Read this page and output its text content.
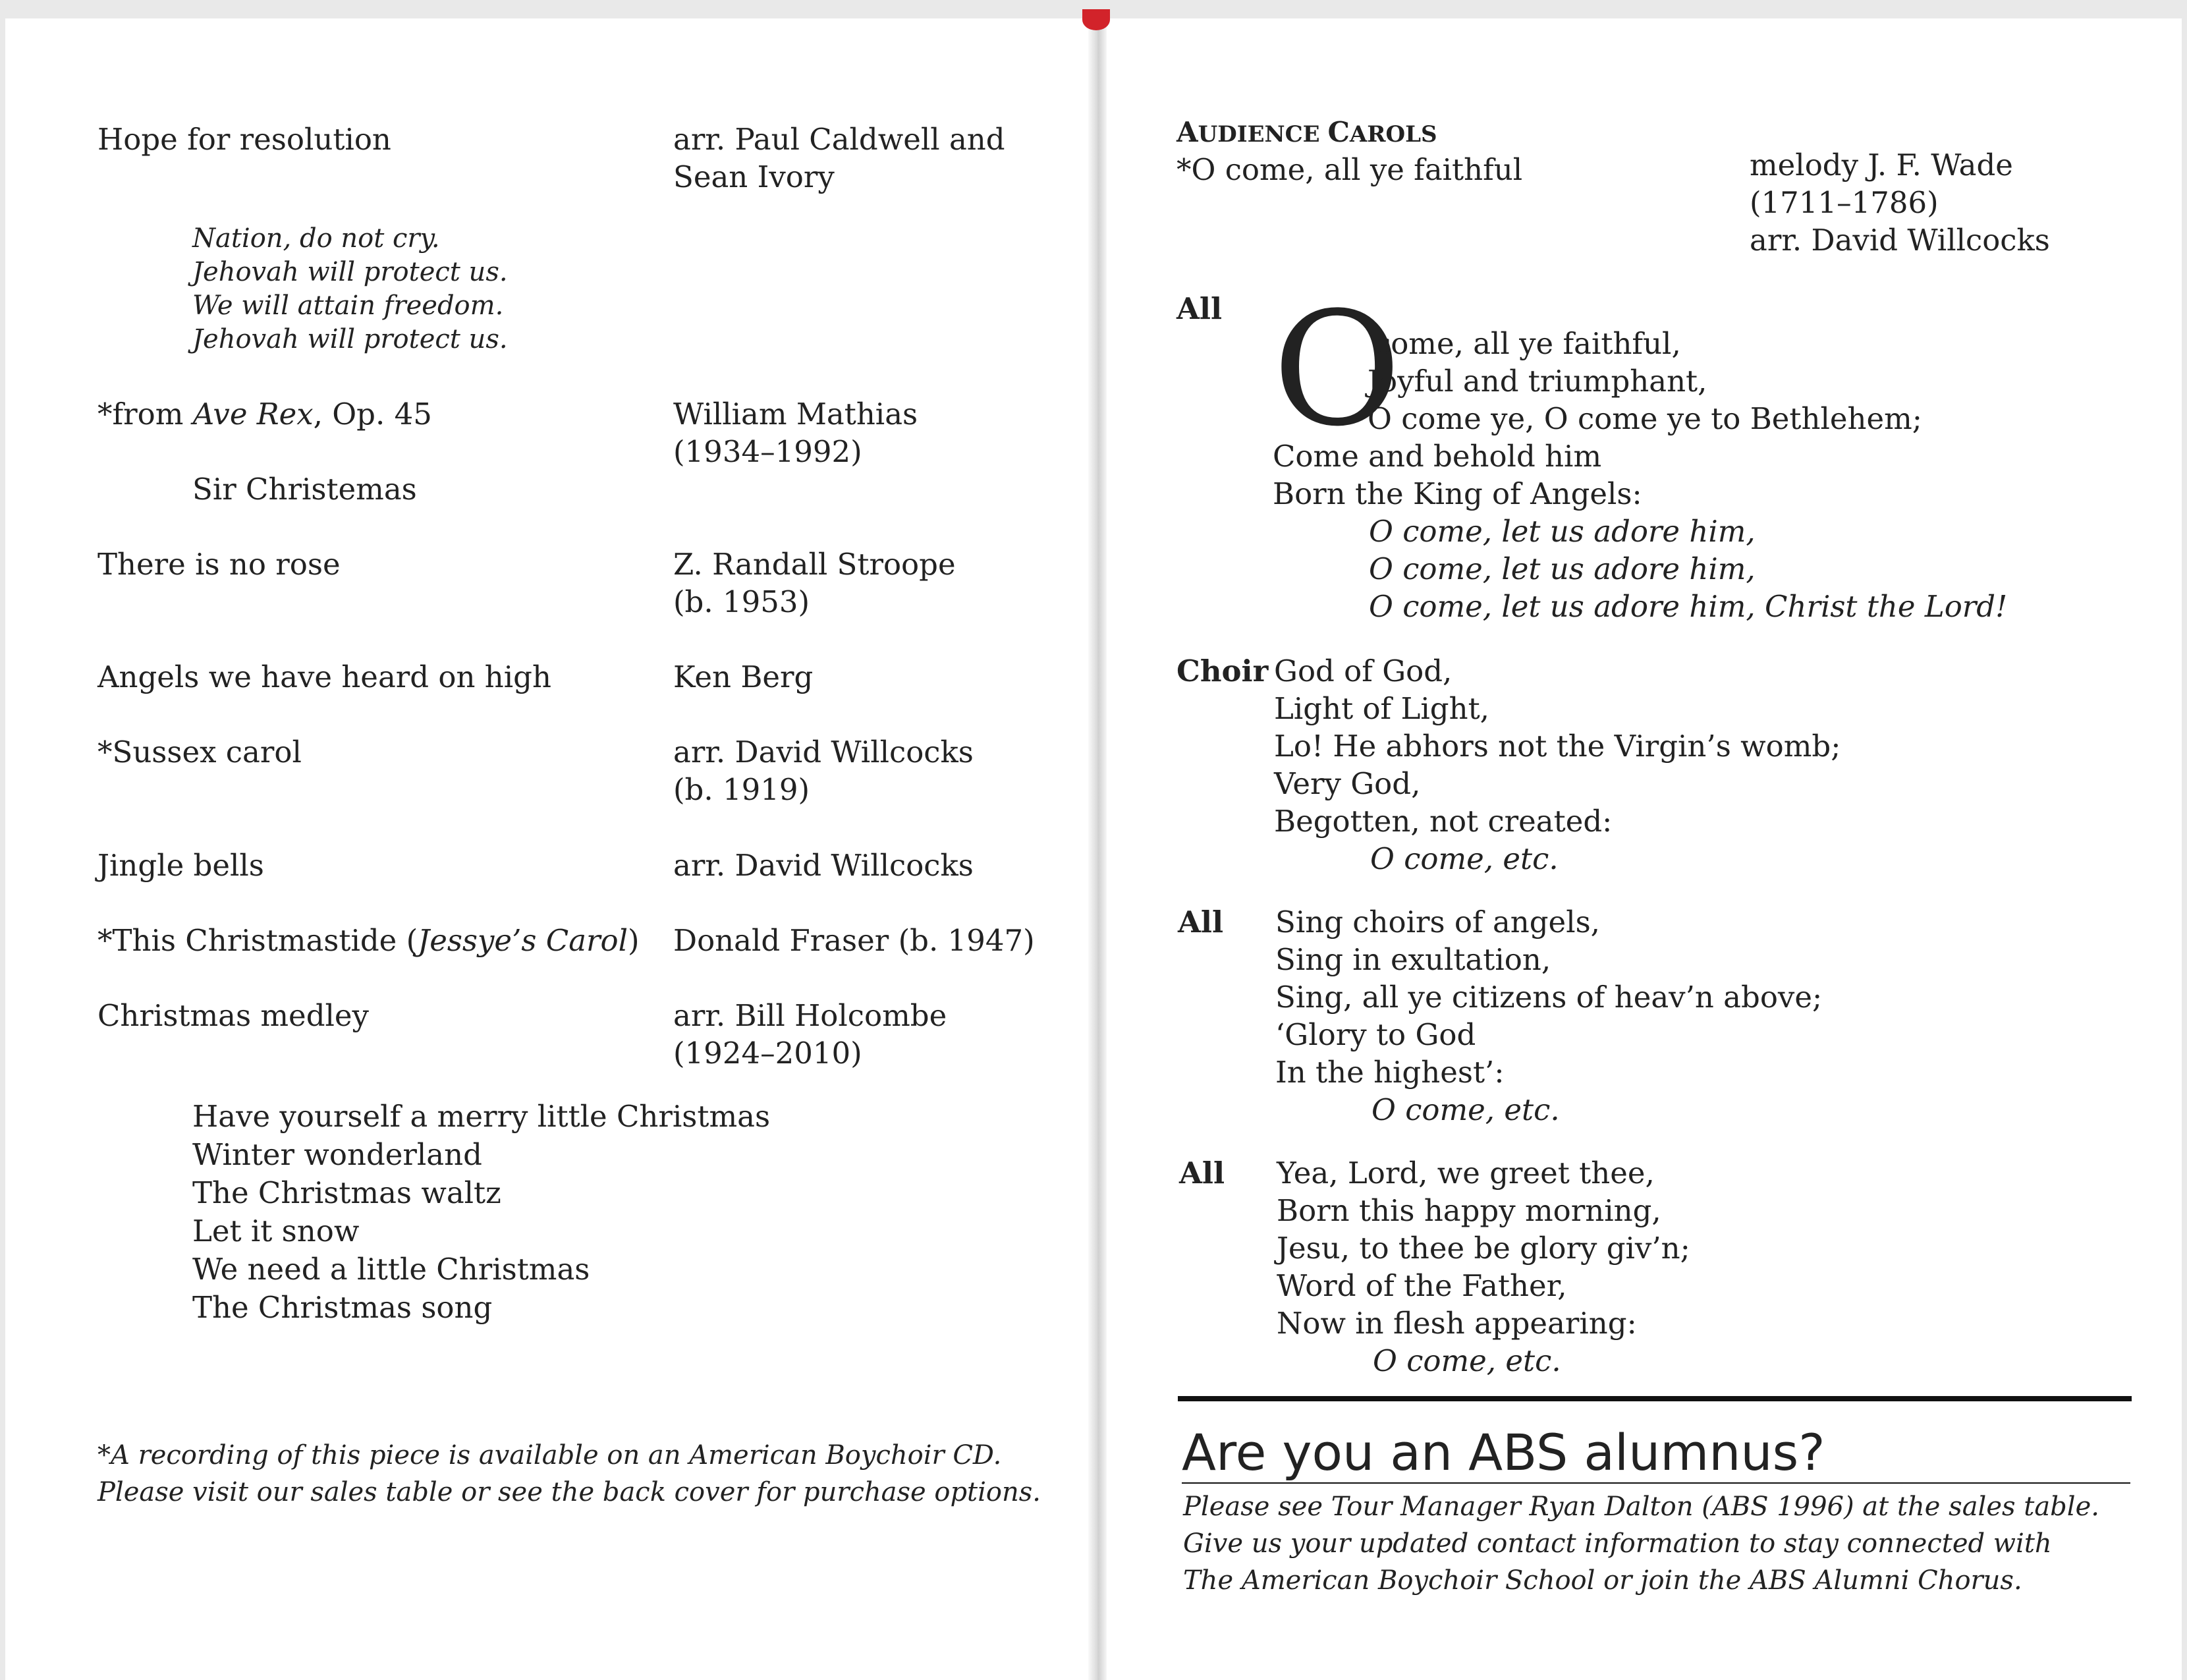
Hope for resolution	arr. Paul Caldwell and
Sean Ivory
Nation, do not cry.
Jehovah will protect us.
We will attain freedom.
Jehovah will protect us.
*from Ave Rex, Op. 45	William Mathias
(1934–1992)
Sir Christemas
There is no rose	Z. Randall Stroope
(b. 1953)
Angels we have heard on high	Ken Berg
*Sussex carol	arr. David Willcocks
(b. 1919)
Jingle bells	arr. David Willcocks
*This Christmastide (Jessye’s Carol) Donald Fraser (b. 1947)
Christmas medley	arr. Bill Holcombe
(1924–2010)
Have yourself a merry little Christmas
Winter wonderland
The Christmas waltz
Let it snow
We need a little Christmas
The Christmas song
*A recording of this piece is available on an American Boychoir CD.
Please visit our sales table or see the back cover for purchase options.
AUDIENCE CAROLS
*O come, all ye faithful	melody J. F. Wade
(1711–1786)
arr. David Willcocks
All O
come, all ye faithful,
Joyful and triumphant,
O come ye, O come ye to Bethlehem;
Come and behold him
Born the King of Angels:
O come, let us adore him,
O come, let us adore him,
O come, let us adore him, Christ the Lord!
Choir God of God,
Light of Light,
Lo! He abhors not the Virgin’s womb;
Very God,
Begotten, not created:
O come, etc.
All Sing choirs of angels,
Sing in exultation,
Sing, all ye citizens of heav’n above;
‘Glory to God
In the highest’:
O come, etc.
All Yea, Lord, we greet thee,
Born this happy morning,
Jesu, to thee be glory giv’n;
Word of the Father,
Now in flesh appearing:
O come, etc.
Are you an ABS alumnus?
Please see Tour Manager Ryan Dalton (ABS 1996) at the sales table.
Give us your updated contact information to stay connected with
The American Boychoir School or join the ABS Alumni Chorus.
